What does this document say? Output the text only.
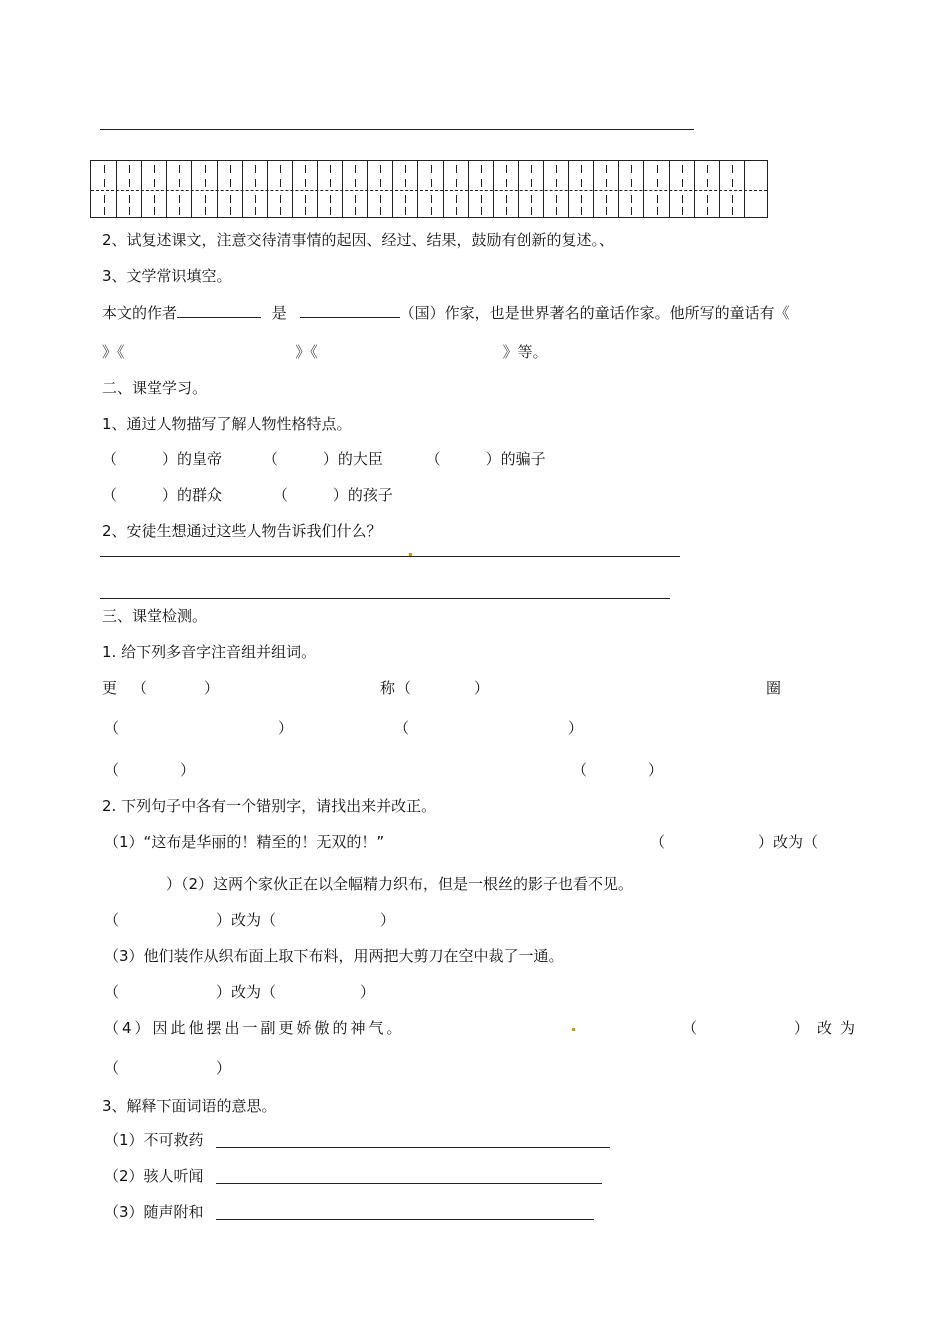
2、试复述课文，注意交待清事情的起因、经过、结果，鼓励有创新的复述。、
3、文学常识填空。
本文的作者	是	（国）作家，也是世界著名的童话作家。他所写的童话有《
》《	》《	》等。
二、课堂学习。
1、通过人物描写了解人物性格特点。
（　　　）的皇帝	（　　　）的大臣	（　　　）的骗子
（　　　）的群众	（　　　）的孩子
2、安徒生想通过这些人物告诉我们什么？
三、课堂检测。
1. 给下列多音字注音组并组词。
更 （	）	称 （	）	圈
（	）	（	）
（	）	（	）
2. 下列句子中各有一个错别字，请找出来并改正。
（1）“这布是华丽的！精至的！无双的！”	（	）改为（
）（2）这两个家伙正在以全幅精力织布，但是一根丝的影子也看不见。
（	）改为（	）
（3）他们装作从织布面上取下布料，用两把大剪刀在空中裁了一通。
（	）改为（	）
（4）因此他摆出一副更娇傲的神气。	（	）改为
（	）
3、解释下面词语的意思。
（1）不可救药
（2）骇人听闻
（3）随声附和
